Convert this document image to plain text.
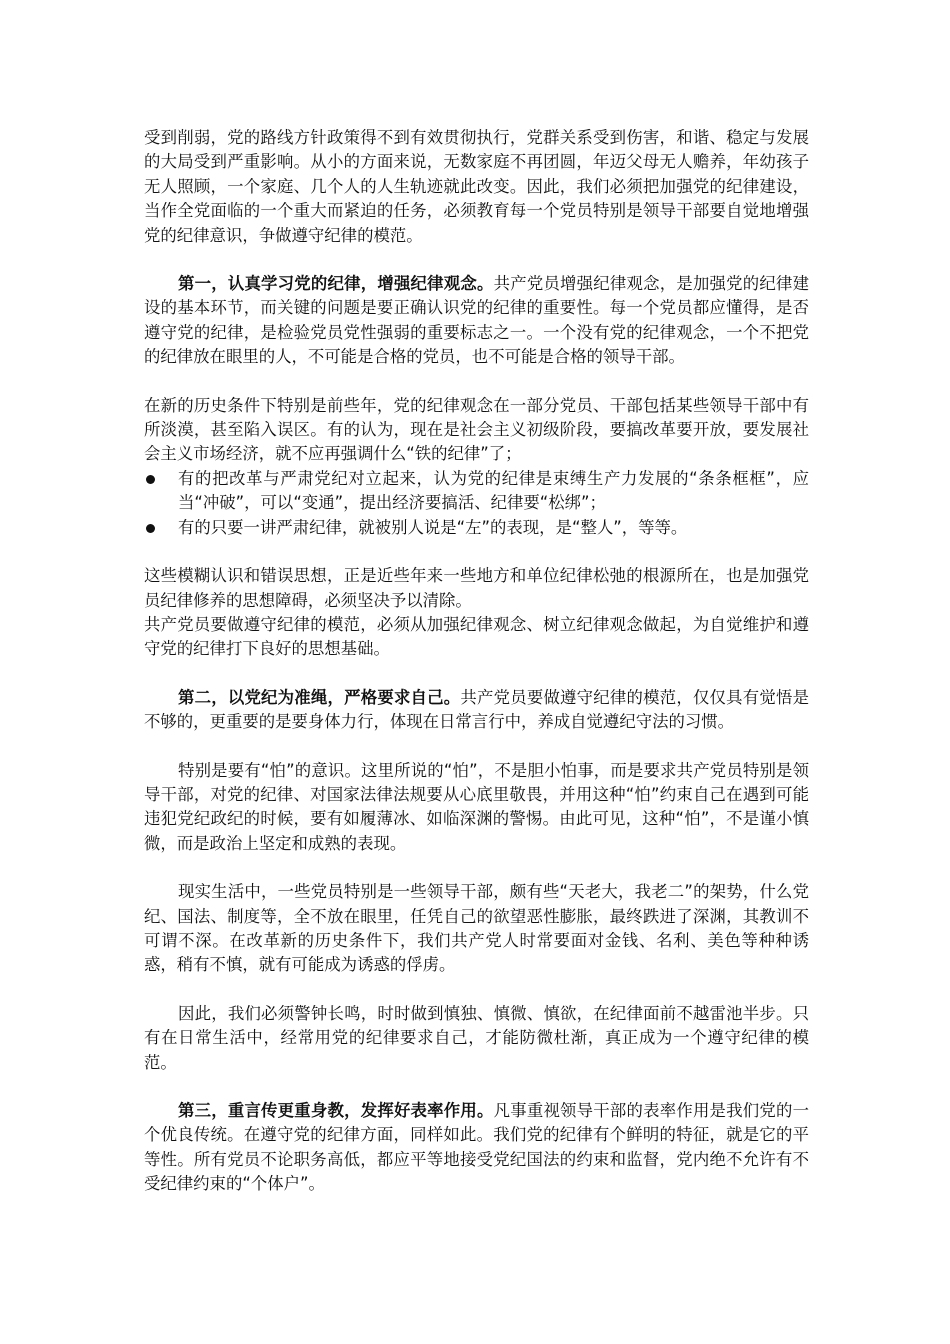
受到削弱，党的路线方针政策得不到有效贯彻执行，党群关系受到伤害，和谐、稳定与发展的大局受到严重影响。从小的方面来说，无数家庭不再团圆，年迈父母无人赡养，年幼孩子无人照顾，一个家庭、几个人的人生轨迹就此改变。因此，我们必须把加强党的纪律建设，当作全党面临的一个重大而紧迫的任务，必须教育每一个党员特别是领导干部要自觉地增强党的纪律意识，争做遵守纪律的模范。

第一，认真学习党的纪律，增强纪律观念。共产党员增强纪律观念，是加强党的纪律建设的基本环节，而关键的问题是要正确认识党的纪律的重要性。每一个党员都应懂得，是否遵守党的纪律，是检验党员党性强弱的重要标志之一。一个没有党的纪律观念，一个不把党的纪律放在眼里的人，不可能是合格的党员，也不可能是合格的领导干部。

在新的历史条件下特别是前些年，党的纪律观念在一部分党员、干部包括某些领导干部中有所淡漠，甚至陷入误区。有的认为，现在是社会主义初级阶段，要搞改革要开放，要发展社会主义市场经济，就不应再强调什么“铁的纪律”了；

有的把改革与严肃党纪对立起来，认为党的纪律是束缚生产力发展的“条条框框”，应当“冲破”，可以“变通”，提出经济要搞活、纪律要“松绑”；

有的只要一讲严肃纪律，就被别人说是“左”的表现，是“整人”，等等。

这些模糊认识和错误思想，正是近些年来一些地方和单位纪律松弛的根源所在，也是加强党员纪律修养的思想障碍，必须坚决予以清除。

共产党员要做遵守纪律的模范，必须从加强纪律观念、树立纪律观念做起，为自觉维护和遵守党的纪律打下良好的思想基础。

第二，以党纪为准绳，严格要求自己。共产党员要做遵守纪律的模范，仅仅具有觉悟是不够的，更重要的是要身体力行，体现在日常言行中，养成自觉遵纪守法的习惯。

特别是要有“怕”的意识。这里所说的“怕”，不是胆小怕事，而是要求共产党员特别是领导干部，对党的纪律、对国家法律法规要从心底里敬畏，并用这种“怕”约束自己在遇到可能违犯党纪政纪的时候，要有如履薄冰、如临深渊的警惕。由此可见，这种“怕”，不是谨小慎微，而是政治上坚定和成熟的表现。

现实生活中，一些党员特别是一些领导干部，颇有些“天老大，我老二”的架势，什么党纪、国法、制度等，全不放在眼里，任凭自己的欲望恶性膨胀，最终跌进了深渊，其教训不可谓不深。在改革新的历史条件下，我们共产党人时常要面对金钱、名利、美色等种种诱惑，稍有不慎，就有可能成为诱惑的俘虏。

因此，我们必须警钟长鸣，时时做到慎独、慎微、慎欲，在纪律面前不越雷池半步。只有在日常生活中，经常用党的纪律要求自己，才能防微杜渐，真正成为一个遵守纪律的模范。

第三，重言传更重身教，发挥好表率作用。凡事重视领导干部的表率作用是我们党的一个优良传统。在遵守党的纪律方面，同样如此。我们党的纪律有个鲜明的特征，就是它的平等性。所有党员不论职务高低，都应平等地接受党纪国法的约束和监督，党内绝不允许有不受纪律约束的“个体户”。
